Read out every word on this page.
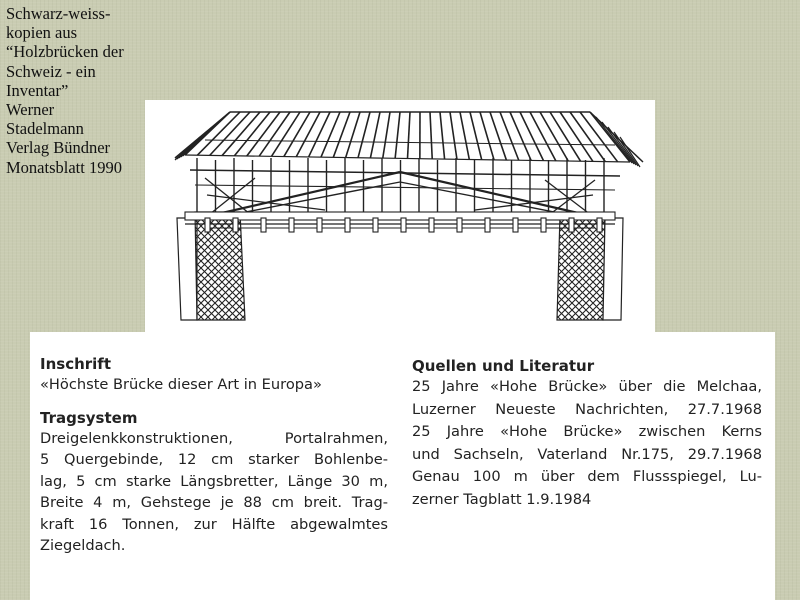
Schwarz-weiss-
kopien aus
“Holzbrücken der
Schweiz - ein
Inventar”
Werner
Stadelmann
Verlag Bündner
Monatsblatt 1990

Inschrift

«Höchste Brücke dieser Art in Europa»

Tragsystem

Dreigelenkkonstruktionen, Portalrahmen,
5 Quergebinde, 12 cm starker Bohlenbe-
lag, 5 cm starke Längsbretter, Länge 30 m,
Breite 4 m, Gehstege je 88 cm breit. Trag-
kraft 16 Tonnen, zur Hälfte abgewalmtes
Ziegeldach.

Quellen und Literatur

25 Jahre «Hohe Brücke» über die Melchaa,
Luzerner Neueste Nachrichten, 27.7.1968
25 Jahre «Hohe Brücke» zwischen Kerns
und Sachseln, Vaterland Nr.175, 29.7.1968
Genau 100 m über dem Flussspiegel, Lu-
zerner Tagblatt 1.9.1984
